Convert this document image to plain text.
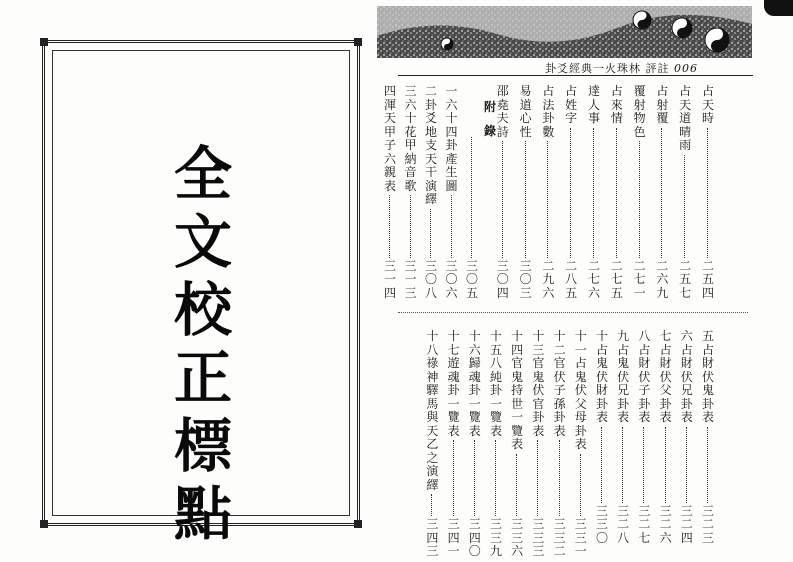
全
文
校
正
標
點
卦爻經典一火珠林 評註 006
附
錄
占天時
二五四
占天道晴雨
二五七
占射覆
二六九
覆射物色
二七一
占來情
二七五
達人事
二七六
占姓字
二八五
占法卦數
二九六
易道心性
三〇三
邵堯夫詩
三〇四
三〇五
一
六十四卦產生圖
三〇六
二
卦爻地支天干演繹
三〇八
三
六十花甲納音歌
三一三
四
渾天甲子六親表
三一四
五
占財伏鬼卦表
三二三
六
占財伏兄卦表
三二四
七
占財伏父卦表
三二六
八
占財伏子卦表
三二七
九
占鬼伏兄卦表
三二八
十
占鬼伏財卦表
三三〇
十一
占鬼伏父母卦表
三三一
十二
官伏子孫卦表
三三二
十三
官鬼伏官卦表
三三三
十四
官鬼持世一覽表
三三六
十五
八純卦一覽表
三三九
十六
歸魂卦一覽表
三四〇
十七
遊魂卦一覽表
三四一
十八
祿神驛馬與天乙之演繹
三四三
